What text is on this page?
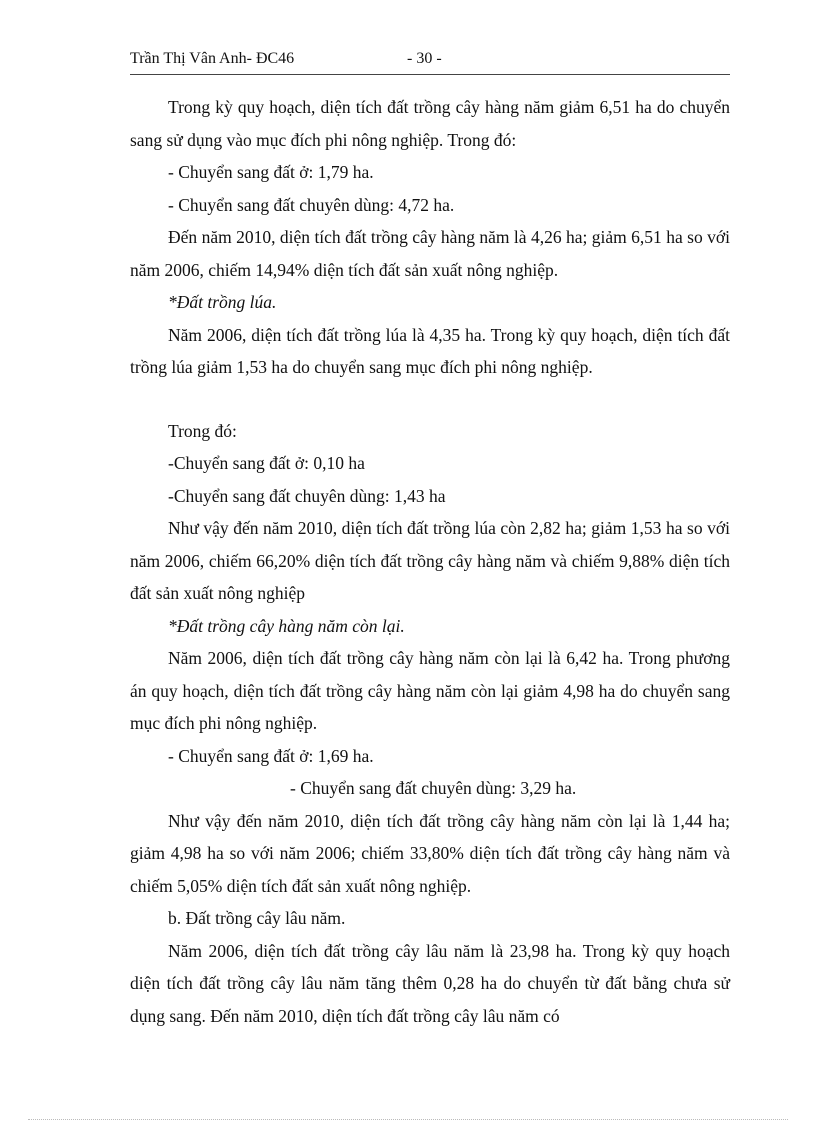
Trần Thị Vân Anh- ĐC46	- 30 -

Trong kỳ quy hoạch, diện tích đất trồng cây hàng năm giảm 6,51 ha do chuyển sang sử dụng vào mục đích phi nông nghiệp. Trong đó:

- Chuyển sang đất ở: 1,79 ha.

- Chuyển sang đất chuyên dùng: 4,72 ha.

Đến năm 2010, diện tích đất trồng cây hàng năm là 4,26 ha; giảm 6,51 ha so với năm 2006, chiếm 14,94% diện tích đất sản xuất nông nghiệp.

*Đất trồng lúa.

Năm 2006, diện tích đất trồng lúa là 4,35 ha. Trong kỳ quy hoạch, diện tích đất trồng lúa giảm 1,53 ha do chuyển sang mục đích phi nông nghiệp.

Trong đó:

-Chuyển sang đất ở: 0,10 ha

-Chuyển sang đất chuyên dùng: 1,43 ha

Như vậy đến năm 2010, diện tích đất trồng lúa còn 2,82 ha; giảm 1,53 ha so với năm 2006, chiếm 66,20% diện tích đất trồng cây hàng năm và chiếm 9,88% diện tích đất sản xuất nông nghiệp

*Đất trồng cây hàng năm còn lại.

Năm 2006, diện tích đất trồng cây hàng năm còn lại là 6,42 ha. Trong phương án quy hoạch, diện tích đất trồng cây hàng năm còn lại giảm 4,98 ha do chuyển sang mục đích phi nông nghiệp.

- Chuyển sang đất ở: 1,69 ha.

- Chuyển sang đất chuyên dùng: 3,29 ha.

Như vậy đến năm 2010, diện tích đất trồng cây hàng năm còn lại là 1,44 ha; giảm 4,98 ha so với năm 2006; chiếm 33,80% diện tích đất trồng cây hàng năm và chiếm 5,05% diện tích đất sản xuất nông nghiệp.

b. Đất trồng cây lâu năm.

Năm 2006, diện tích đất trồng cây lâu năm là 23,98 ha. Trong kỳ quy hoạch diện tích đất trồng cây lâu năm tăng thêm 0,28 ha do chuyển từ đất bằng chưa sử dụng sang. Đến năm 2010, diện tích đất trồng cây lâu năm có
